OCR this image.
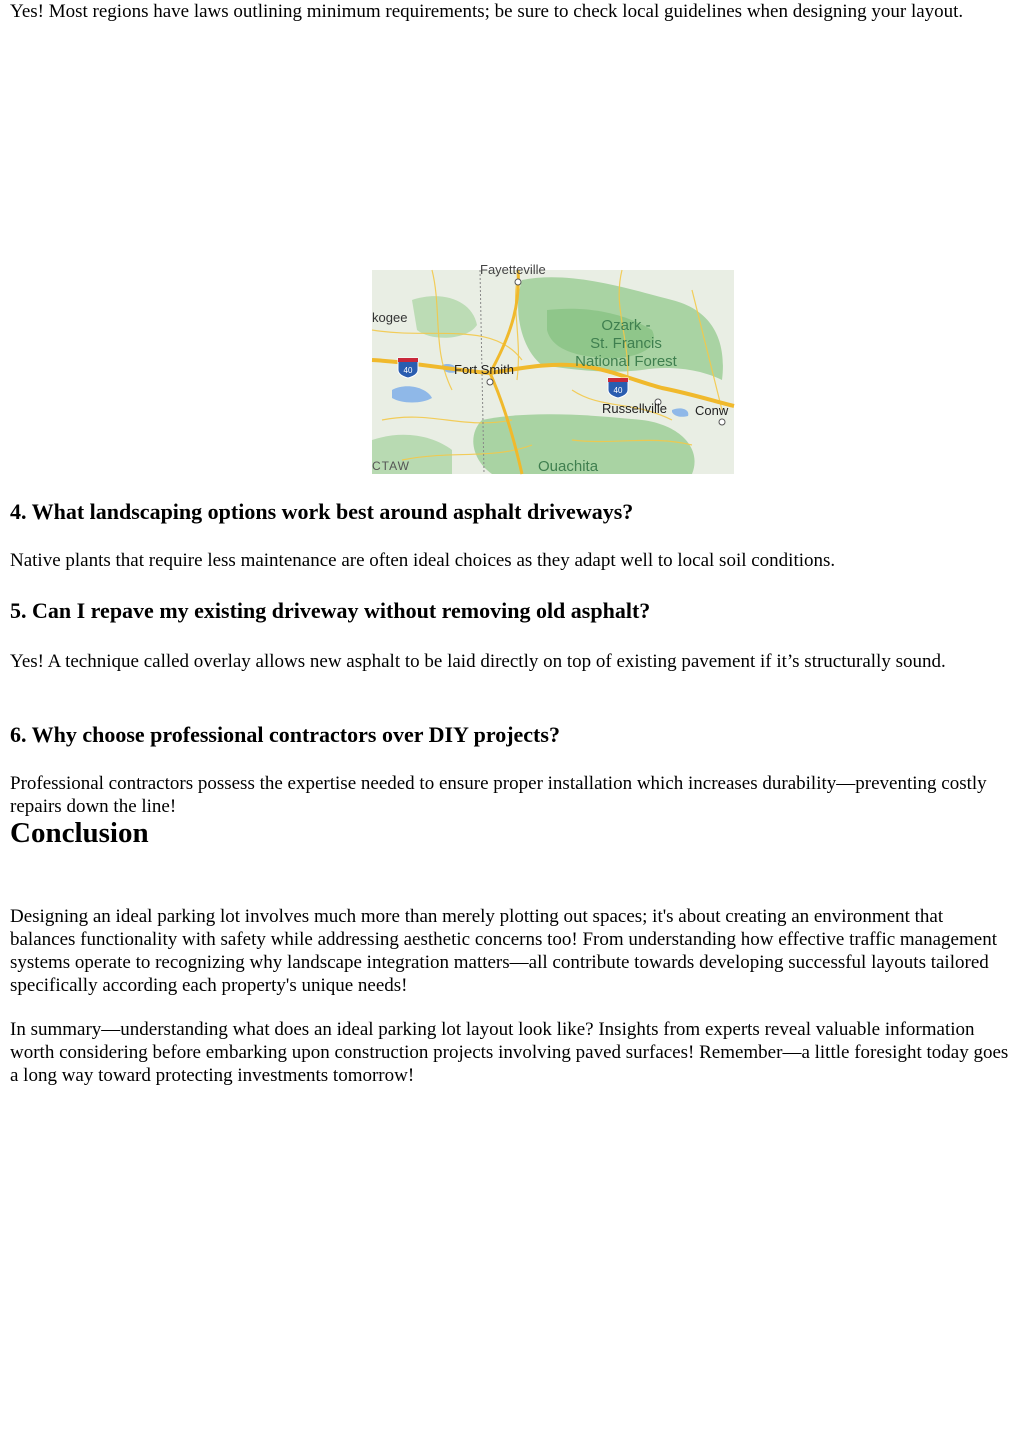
Yes! Most regions have laws outlining minimum requirements; be sure to check local guidelines when designing your layout.

40
40
Fayetteville
kogee	Ozark -
St. Francis
National Forest
Fort Smith
Russellville Conw
CTAW	Ouachita
4. What landscaping options work best around asphalt driveways?

Native plants that require less maintenance are often ideal choices as they adapt well to local soil conditions.

5. Can I repave my existing driveway without removing old asphalt?

Yes! A technique called overlay allows new asphalt to be laid directly on top of existing pavement if it’s structurally sound.

6. Why choose professional contractors over DIY projects?

Professional contractors possess the expertise needed to ensure proper installation which increases durability—preventing costly repairs down the line!

Conclusion

Designing an ideal parking lot involves much more than merely plotting out spaces; it's about creating an environment that balances functionality with safety while addressing aesthetic concerns too! From understanding how effective traffic management systems operate to recognizing why landscape integration matters—all contribute towards developing successful layouts tailored specifically according each property's unique needs!

In summary—understanding what does an ideal parking lot layout look like? Insights from experts reveal valuable information worth considering before embarking upon construction projects involving paved surfaces! Remember—a little foresight today goes a long way toward protecting investments tomorrow!
